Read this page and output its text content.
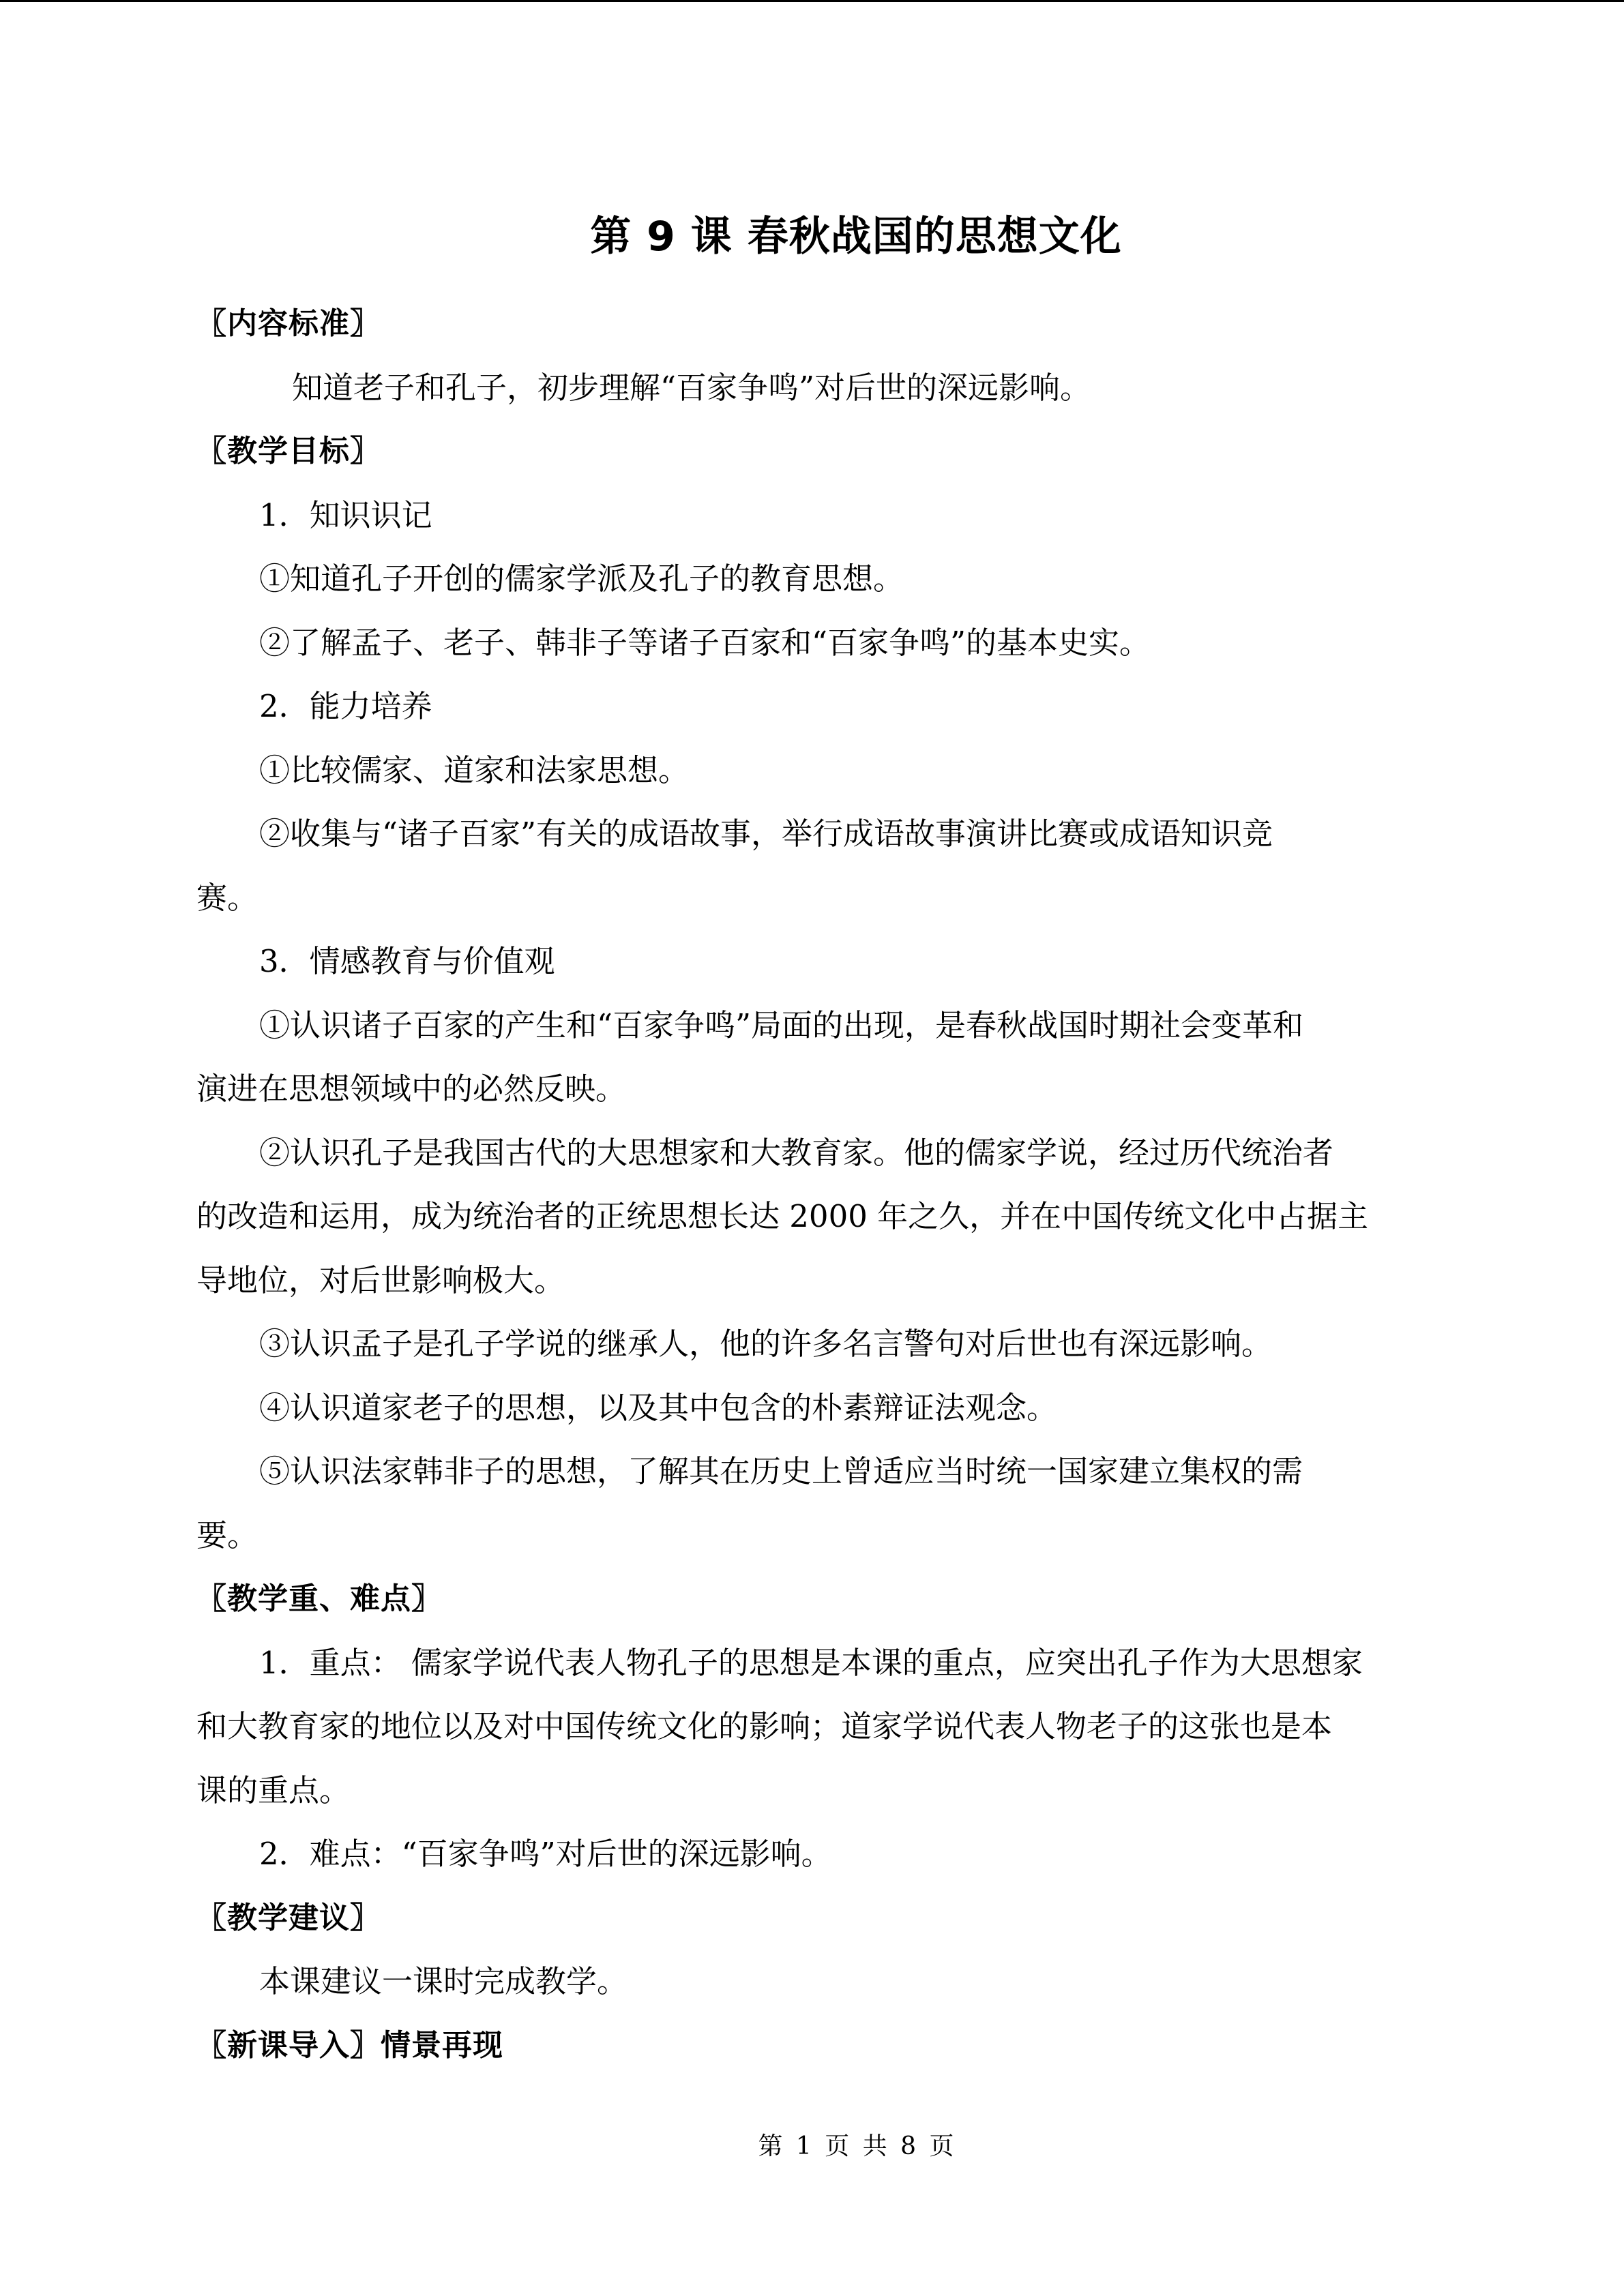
第 9 课 春秋战国的思想文化
〖内容标准〗
知道老子和孔子，初步理解“百家争鸣”对后世的深远影响。
〖教学目标〗
1．知识识记
①知道孔子开创的儒家学派及孔子的教育思想。
②了解孟子、老子、韩非子等诸子百家和“百家争鸣”的基本史实。
2．能力培养
①比较儒家、道家和法家思想。
②收集与“诸子百家”有关的成语故事，举行成语故事演讲比赛或成语知识竞
赛。
3．情感教育与价值观
①认识诸子百家的产生和“百家争鸣”局面的出现，是春秋战国时期社会变革和
演进在思想领域中的必然反映。
②认识孔子是我国古代的大思想家和大教育家。他的儒家学说，经过历代统治者
的改造和运用，成为统治者的正统思想长达 2000 年之久，并在中国传统文化中占据主
导地位，对后世影响极大。
③认识孟子是孔子学说的继承人，他的许多名言警句对后世也有深远影响。
④认识道家老子的思想，以及其中包含的朴素辩证法观念。
⑤认识法家韩非子的思想，了解其在历史上曾适应当时统一国家建立集权的需
要。
〖教学重、难点〗
1．重点： 儒家学说代表人物孔子的思想是本课的重点，应突出孔子作为大思想家
和大教育家的地位以及对中国传统文化的影响；道家学说代表人物老子的这张也是本
课的重点。
2．难点：“百家争鸣”对后世的深远影响。
〖教学建议〗
本课建议一课时完成教学。
〖新课导入〗情景再现
第 1 页 共 8 页
